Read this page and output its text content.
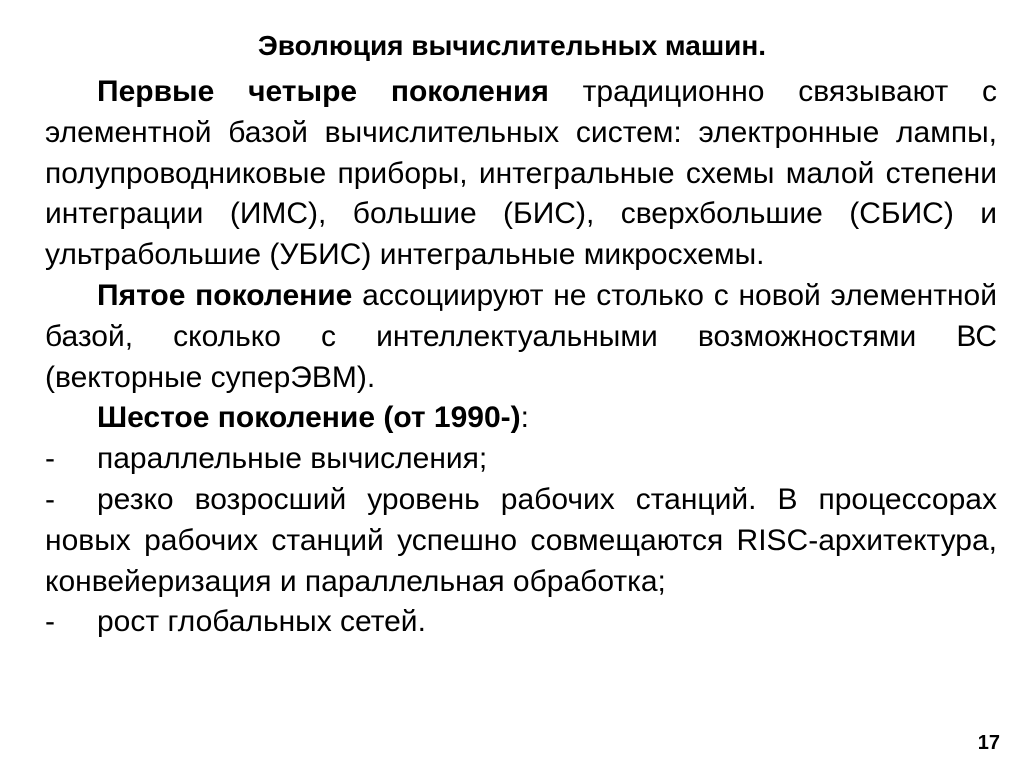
Эволюция вычислительных машин.

Первые четыре поколения традиционно связывают с элементной базой вычислительных систем: электронные лампы, полупроводниковые приборы, интегральные схемы малой степени интеграции (ИМС), большие (БИС), сверхбольшие (СБИС) и ультрабольшие (УБИС) интегральные микросхемы.

Пятое поколение ассоциируют не столько с новой элементной базой, сколько с интеллектуальными возможностями ВС (векторные суперЭВМ).

Шестое поколение (от 1990-):

-	параллельные вычисления;

- резко возросший уровень рабочих станций. В процессорах новых рабочих станций успешно совмещаются RISC-архитектура, конвейеризация и параллельная обработка;

-	рост глобальных сетей.
17
